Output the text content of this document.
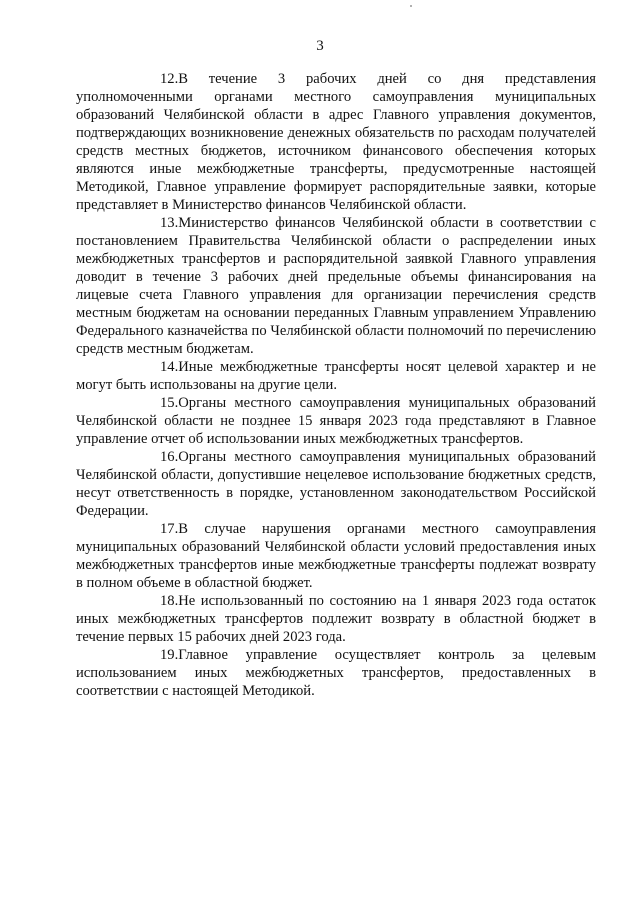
3

12.В течение 3 рабочих дней со дня представления уполномоченными органами местного самоуправления муниципальных образований Челябинской области в адрес Главного управления документов, подтверждающих возникновение денежных обязательств по расходам получателей средств местных бюджетов, источником финансового обеспечения которых являются иные межбюджетные трансферты, предусмотренные настоящей Методикой, Главное управление формирует распорядительные заявки, которые представляет в Министерство финансов Челябинской области.

13.Министерство финансов Челябинской области в соответствии с постановлением Правительства Челябинской области о распределении иных межбюджетных трансфертов и распорядительной заявкой Главного управления доводит в течение 3 рабочих дней предельные объемы финансирования на лицевые счета Главного управления для организации перечисления средств местным бюджетам на основании переданных Главным управлением Управлению Федерального казначейства по Челябинской области полномочий по перечислению средств местным бюджетам.

14.Иные межбюджетные трансферты носят целевой характер и не могут быть использованы на другие цели.

15.Органы местного самоуправления муниципальных образований Челябинской области не позднее 15 января 2023 года представляют в Главное управление отчет об использовании иных межбюджетных трансфертов.

16.Органы местного самоуправления муниципальных образований Челябинской области, допустившие нецелевое использование бюджетных средств, несут ответственность в порядке, установленном законодательством Российской Федерации.

17.В случае нарушения органами местного самоуправления муниципальных образований Челябинской области условий предоставления иных межбюджетных трансфертов иные межбюджетные трансферты подлежат возврату в полном объеме в областной бюджет.

18.Не использованный по состоянию на 1 января 2023 года остаток иных межбюджетных трансфертов подлежит возврату в областной бюджет в течение первых 15 рабочих дней 2023 года.

19.Главное управление осуществляет контроль за целевым использованием иных межбюджетных трансфертов, предоставленных в соответствии с настоящей Методикой.
